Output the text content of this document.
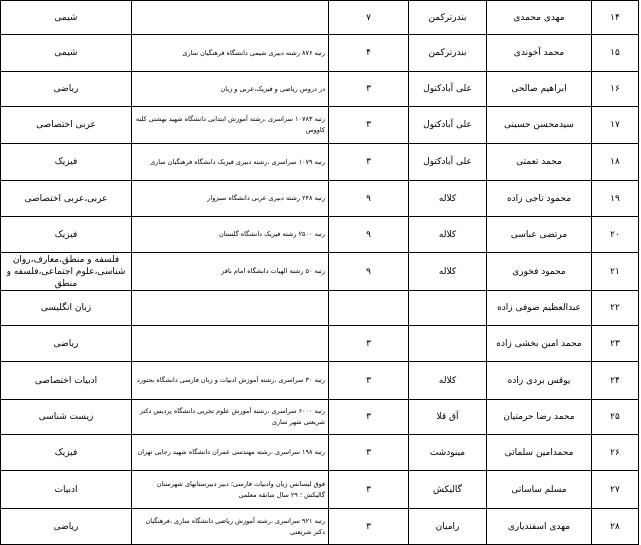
۱۴	مهدی محمدی	بندرترکمن	۷		شیمی
۱۵	محمد آخوندی	بندرترکمن	۴	رتبه ۸۷۶ رشته دبیری شیمی دانشگاه فرهنگیان ساری	شیمی
۱۶	ابراهیم صالحی	علی آبادکتول	۳	در دروس ریاضی و فیزیک،عربی و زبان	ریاضی
۱۷	سیدمحسن حسینی	علی آبادکتول	۳	رتبه ۱۰۷۸۳ سراسری ،رشته آموزش ابتدایی دانشگاه شهید بهشتی کلبه کاووس	عربی اختصاصی
۱۸	محمد تعمتی	علی آبادکتول	۳	رتبه ۱۰۷۹ سراسری ،رشته دبیری فیزیک دانشگاه فرهنگیان ساری	فیزیک
۱۹	محمود تاجی زاده	کلاله	۹	رتبه ۲۴۸ رشته دبیری عربی دانشگاه سبزوار	عربی،عربی اختصاصی
۲۰	مرتضی عباسی	کلاله	۹	رتبه ۲۵۰۰ رشته فیزیک دانشگاه گلستان	فیزیک
۲۱	محمود فخوری	کلاله	۹	رتبه ۵۰ رشته الهیات دانشگاه امام باقر	فلسفه و منطق،معارف،روان شناسی،علوم اجتماعی،فلسفه و منطق
۲۲	عبدالعظیم صوفی زاده				زبان انگلیسی
۲۳	محمد امین بخشی زاده		۳		ریاضی
۲۴	یوقس بردی زاده	کلاله	۳	رتبه ۳۰ سراسری ،رشته آموزش ادبیات و زبان فارسی دانشگاه بجنورد	ادبیات اختصاصی
۲۵	محمد رضا حرمتیان	آق قلا	۳	رتبه ۶۰۰۰ سراسری ،رشته آموزش علوم تجربی دانشگاه پردیس دکتر شریعتی شهر ساری	زیست شناسی
۲۶	محمدامین سلماتی	مینودشت	۳	رتبه ۱۹۸ سراسری ،رشته مهندسی عمران دانشگاه شهید رجایی تهران	فیزیک
۲۷	مسلم ساساتی	گالیکش	۳	فوق لیسانس زبان وادبیات فارسی؛ دبیر دبیرستانهای شهرستان گالیکش ؛ ۲۹ سال سابقه معلمی	ادبیات
۲۸	مهدی اسفندیاری	رامیان	۳	رتبه ۹۲۱ سراسری ،رشته آموزش ریاضی دانشگاه ساری ،فرهنگیان دکتر شریعتی	ریاضی
